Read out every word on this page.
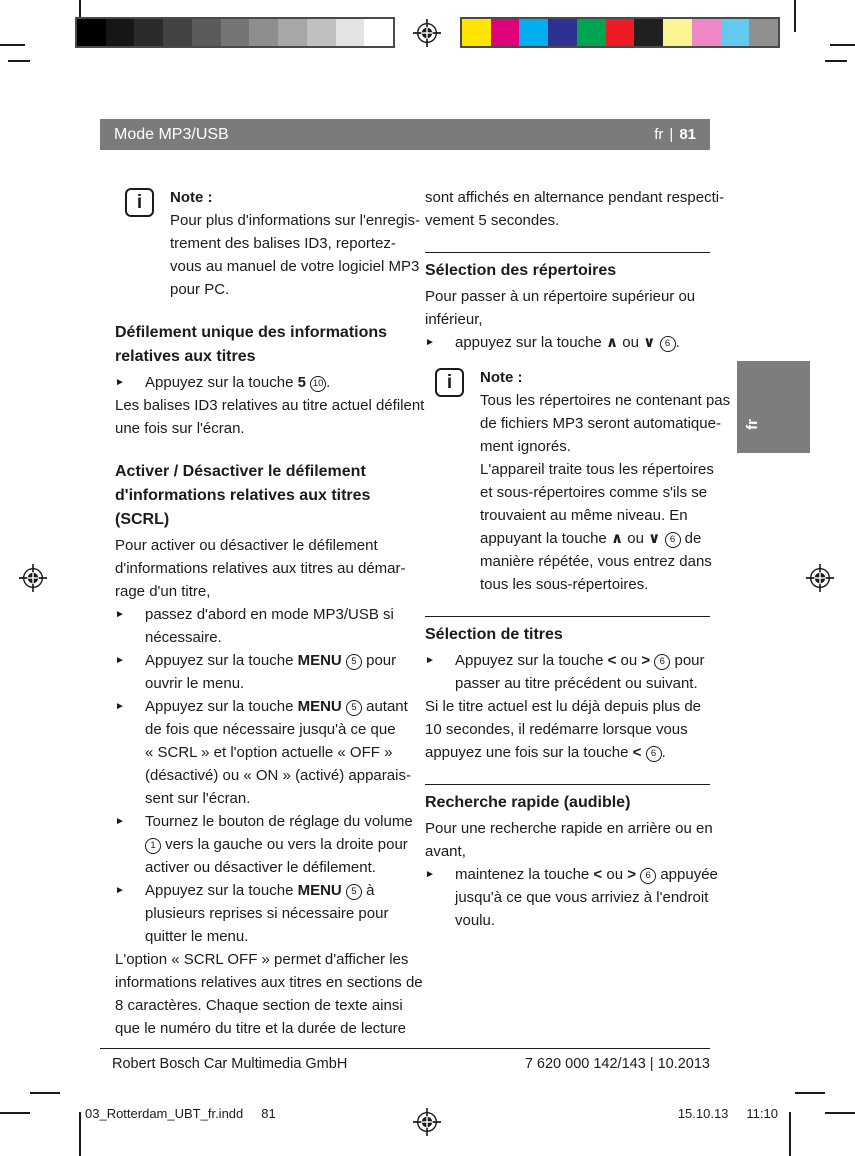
Mode MP3/USB	fr | 81
fr
i	Note :
Pour plus d'informations sur l'enregis-
trement des balises ID3, reportez-
vous au manuel de votre logiciel MP3
pour PC.
Défilement unique des informations
relatives aux titres
► Appuyez sur la touche 5 10 .
Les balises ID3 relatives au titre actuel défilent
une fois sur l'écran.
Activer / Désactiver le défilement
d'informations relatives aux titres
(SCRL)
Pour activer ou désactiver le défilement
d'informations relatives aux titres au démar-
rage d'un titre,
► passez d'abord en mode MP3/USB si
nécessaire.
► Appuyez sur la touche MENU 5 pour
ouvrir le menu.
► Appuyez sur la touche MENU 5 autant
de fois que nécessaire jusqu'à ce que
« SCRL » et l'option actuelle « OFF »
(désactivé) ou « ON » (activé) apparais-
sent sur l'écran.
► Tournez le bouton de réglage du volume
1 vers la gauche ou vers la droite pour
activer ou désactiver le défilement.
► Appuyez sur la touche MENU 5 à
plusieurs reprises si nécessaire pour
quitter le menu.
L'option « SCRL OFF » permet d'afficher les
informations relatives aux titres en sections de
8 caractères. Chaque section de texte ainsi
que le numéro du titre et la durée de lecture
sont affichés en alternance pendant respecti-
vement 5 secondes.
Sélection des répertoires
Pour passer à un répertoire supérieur ou
inférieur,
► appuyez sur la touche ∧ ou ∨ 6 .
i	Note :
Tous les répertoires ne contenant pas
de fichiers MP3 seront automatique-
ment ignorés.
L'appareil traite tous les répertoires
et sous-répertoires comme s'ils se
trouvaient au même niveau. En
appuyant la touche ∧ ou ∨ 6 de
manière répétée, vous entrez dans
tous les sous-répertoires.
Sélection de titres
► Appuyez sur la touche < ou > 6 pour
passer au titre précédent ou suivant.
Si le titre actuel est lu déjà depuis plus de
10 secondes, il redémarre lorsque vous
appuyez une fois sur la touche < 6 .
Recherche rapide (audible)
Pour une recherche rapide en arrière ou en
avant,
► maintenez la touche < ou > 6 appuyée
jusqu'à ce que vous arriviez à l'endroit
voulu.
Robert Bosch Car Multimedia GmbH	7 620 000 142/143 | 10.2013
03_Rotterdam_UBT_fr.indd 81	15.10.13 11:10
